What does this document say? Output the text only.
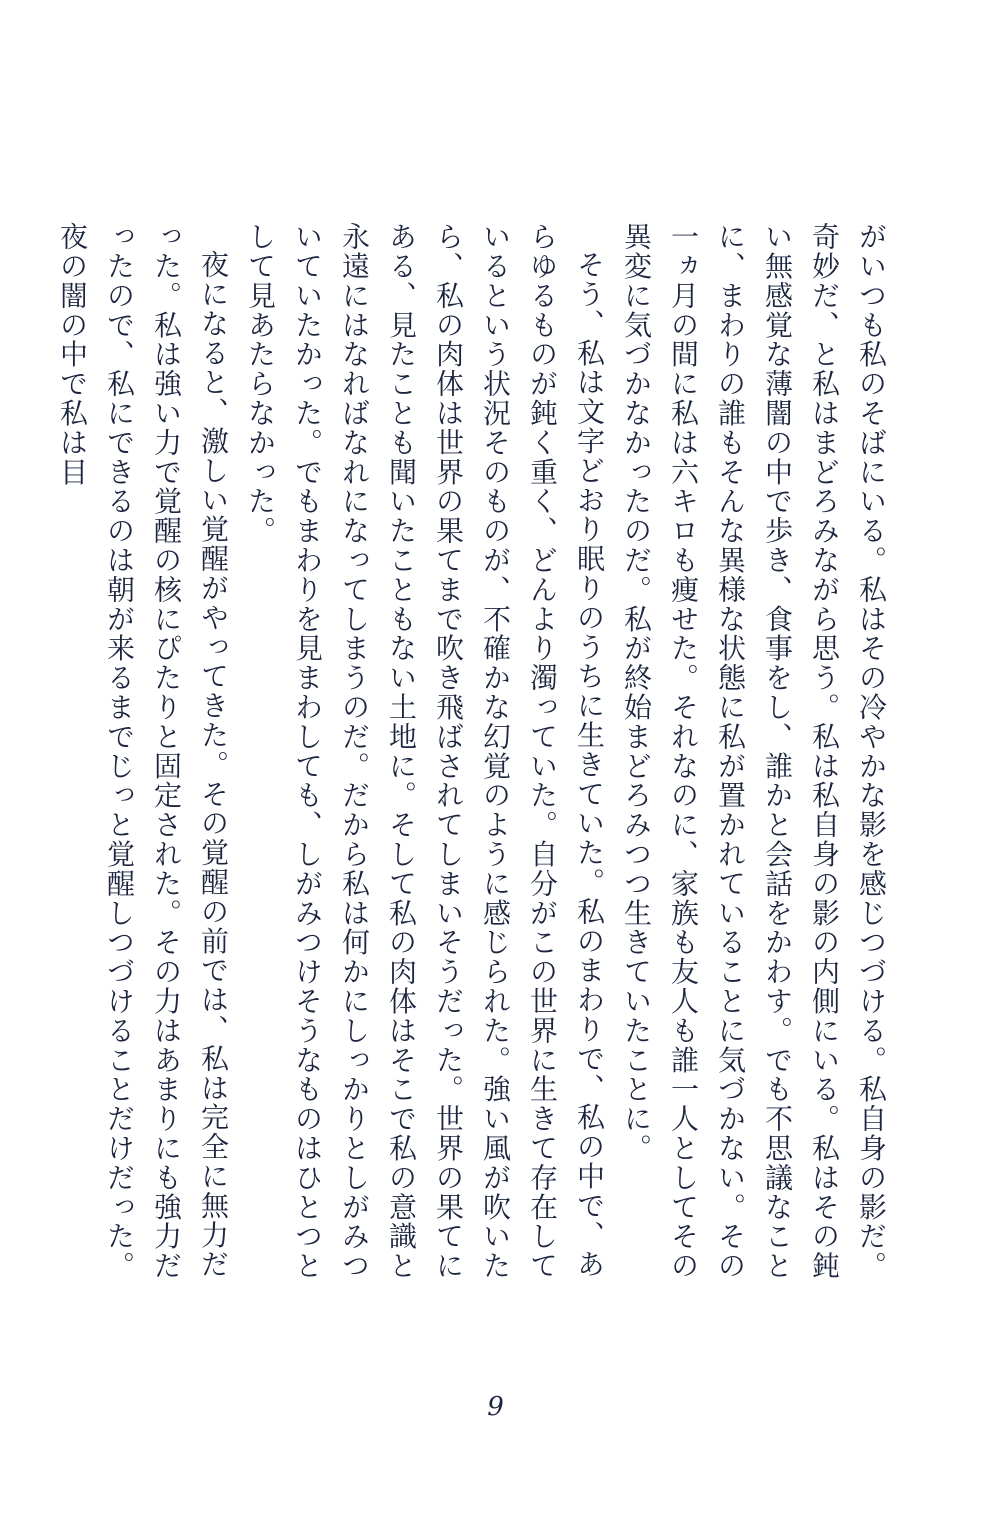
がいつも私のそばにいる。私はその冷やかな影を感じつづける。私自身の影だ。奇妙だ、と私はまどろみながら思う。私は私自身の影の内側にいる。私はその鈍い無感覚な薄闇の中で歩き、食事をし、誰かと会話をかわす。でも不思議なことに、まわりの誰もそんな異様な状態に私が置かれていることに気づかない。その一ヵ月の間に私は六キロも痩せた。それなのに、家族も友人も誰一人としてその異変に気づかなかったのだ。私が終始まどろみつつ生きていたことに。

そう、私は文字どおり眠りのうちに生きていた。私のまわりで、私の中で、あらゆるものが鈍く重く、どんより濁っていた。自分がこの世界に生きて存在しているという状況そのものが、不確かな幻覚のように感じられた。強い風が吹いたら、私の肉体は世界の果てまで吹き飛ばされてしまいそうだった。世界の果てにある、見たことも聞いたこともない土地に。そして私の肉体はそこで私の意識と永遠にはなればなれになってしまうのだ。だから私は何かにしっかりとしがみついていたかった。でもまわりを見まわしても、しがみつけそうなものはひとつとして見あたらなかった。

夜になると、激しい覚醒がやってきた。その覚醒の前では、私は完全に無力だった。私は強い力で覚醒の核にぴたりと固定された。その力はあまりにも強力だったので、私にできるのは朝が来るまでじっと覚醒しつづけることだけだった。夜の闇の中で私は目

9
